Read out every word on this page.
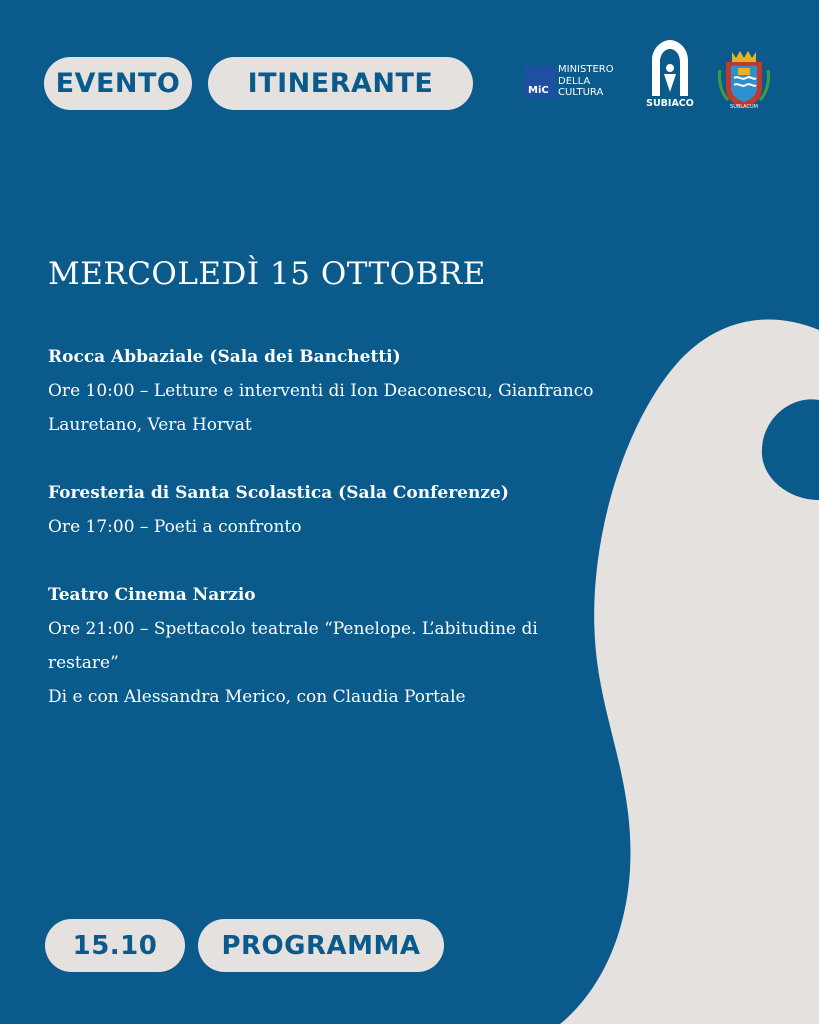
EVENTO ITINERANTE	MiC
MINISTERO
DELLA
CULTURA
SUBIACO	SUBLACUM
MERCOLEDÌ 15 OTTOBRE
Rocca Abbaziale (Sala dei Banchetti)
Ore 10:00 – Letture e interventi di Ion Deaconescu, Gianfranco Lauretano, Vera Horvat
Foresteria di Santa Scolastica (Sala Conferenze)
Ore 17:00 – Poeti a confronto
Teatro Cinema Narzio
Ore 21:00 – Spettacolo teatrale “Penelope. L’abitudine di restare”
Di e con Alessandra Merico, con Claudia Portale
15.10 PROGRAMMA
